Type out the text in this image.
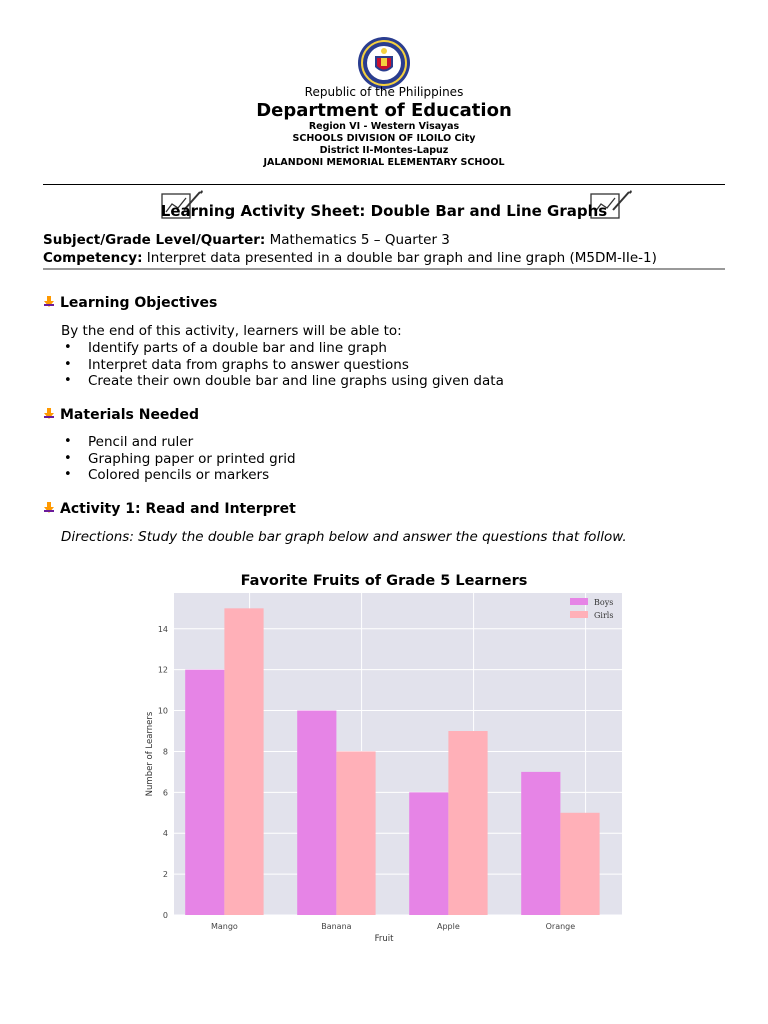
Republic of the Philippines
Department of Education
Region VI - Western Visayas
SCHOOLS DIVISION OF ILOILO City
District II-Montes-Lapuz
JALANDONI MEMORIAL ELEMENTARY SCHOOL
Learning Activity Sheet: Double Bar and Line Graphs
Subject/Grade Level/Quarter: Mathematics 5 – Quarter 3
Competency: Interpret data presented in a double bar graph and line graph (M5DM-IIe-1)
Learning Objectives
By the end of this activity, learners will be able to:
• Identify parts of a double bar and line graph
• Interpret data from graphs to answer questions
• Create their own double bar and line graphs using given data
Materials Needed
• Pencil and ruler
• Graphing paper or printed grid
• Colored pencils or markers
Activity 1: Read and Interpret
Directions: Study the double bar graph below and answer the questions that follow.
Favorite Fruits of Grade 5 Learners
0
2
4
6
8
10
12
14
Mango	Banana	Apple	Orange
Fruit
Number of Learners
Boys
Girls
